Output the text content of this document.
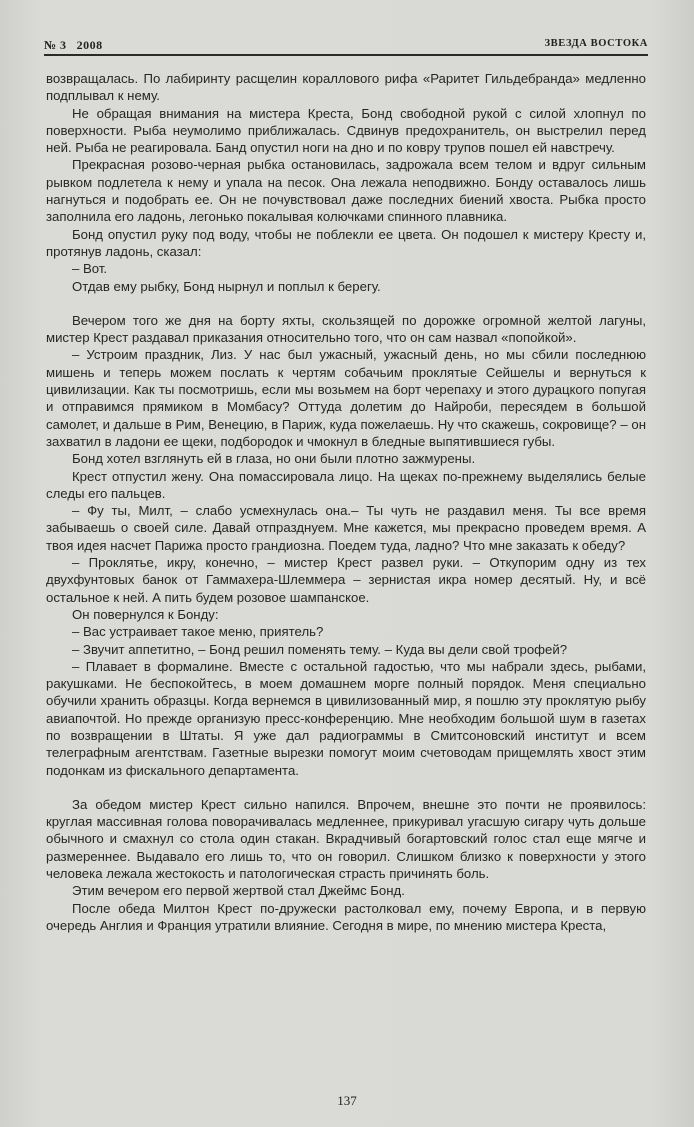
№ 3 2008	ЗВЕЗДА ВОСТОКА

возвращалась. По лабиринту расщелин кораллового рифа «Раритет Гильдебранда» медленно подплывал к нему.

Не обращая внимания на мистера Креста, Бонд свободной рукой с силой хлопнул по поверхности. Рыба неумолимо приближалась. Сдвинув предохранитель, он выстрелил перед ней. Рыба не реагировала. Банд опустил ноги на дно и по ковру трупов пошел ей навстречу.

Прекрасная розово-черная рыбка остановилась, задрожала всем телом и вдруг сильным рывком подлетела к нему и упала на песок. Она лежала неподвижно. Бонду оставалось лишь нагнуться и подобрать ее. Он не почувствовал даже последних биений хвоста. Рыбка просто заполнила его ладонь, легонько покалывая колючками спинного плавника.

Бонд опустил руку под воду, чтобы не поблекли ее цвета. Он подошел к мистеру Кресту и, протянув ладонь, сказал:

– Вот.

Отдав ему рыбку, Бонд нырнул и поплыл к берегу.

Вечером того же дня на борту яхты, скользящей по дорожке огромной желтой лагуны, мистер Крест раздавал приказания относительно того, что он сам назвал «попойкой».

– Устроим праздник, Лиз. У нас был ужасный, ужасный день, но мы сбили последнюю мишень и теперь можем послать к чертям собачьим проклятые Сейшелы и вернуться к цивилизации. Как ты посмотришь, если мы возьмем на борт черепаху и этого дурацкого попугая и отправимся прямиком в Момбасу? Оттуда долетим до Найроби, пересядем в большой самолет, и дальше в Рим, Венецию, в Париж, куда пожелаешь. Ну что скажешь, сокровище? – он захватил в ладони ее щеки, подбородок и чмокнул в бледные выпятившиеся губы.

Бонд хотел взглянуть ей в глаза, но они были плотно зажмурены.

Крест отпустил жену. Она помассировала лицо. На щеках по-прежнему выделялись белые следы его пальцев.

– Фу ты, Милт, – слабо усмехнулась она.– Ты чуть не раздавил меня. Ты все время забываешь о своей силе. Давай отпразднуем. Мне кажется, мы прекрасно проведем время. А твоя идея насчет Парижа просто грандиозна. Поедем туда, ладно? Что мне заказать к обеду?

– Проклятье, икру, конечно, – мистер Крест развел руки. – Откупорим одну из тех двухфунтовых банок от Гаммахера-Шлеммера – зернистая икра номер десятый. Ну, и всё остальное к ней. А пить будем розовое шампанское.

Он повернулся к Бонду:

– Вас устраивает такое меню, приятель?

– Звучит аппетитно, – Бонд решил поменять тему. – Куда вы дели свой трофей?

– Плавает в формалине. Вместе с остальной гадостью, что мы набрали здесь, рыбами, ракушками. Не беспокойтесь, в моем домашнем морге полный порядок. Меня специально обучили хранить образцы. Когда вернемся в цивилизованный мир, я пошлю эту проклятую рыбу авиапочтой. Но прежде организую пресс-конференцию. Мне необходим большой шум в газетах по возвращении в Штаты. Я уже дал радиограммы в Смитсоновский институт и всем телеграфным агентствам. Газетные вырезки помогут моим счетоводам прищемлять хвост этим подонкам из фискального департамента.

За обедом мистер Крест сильно напился. Впрочем, внешне это почти не проявилось: круглая массивная голова поворачивалась медленнее, прикуривал угасшую сигару чуть дольше обычного и смахнул со стола один стакан. Вкрадчивый богартовский голос стал еще мягче и размереннее. Выдавало его лишь то, что он говорил. Слишком близко к поверхности у этого человека лежала жестокость и патологическая страсть причинять боль.

Этим вечером его первой жертвой стал Джеймс Бонд.

После обеда Милтон Крест по-дружески растолковал ему, почему Европа, и в первую очередь Англия и Франция утратили влияние. Сегодня в мире, по мнению мистера Креста,

137
